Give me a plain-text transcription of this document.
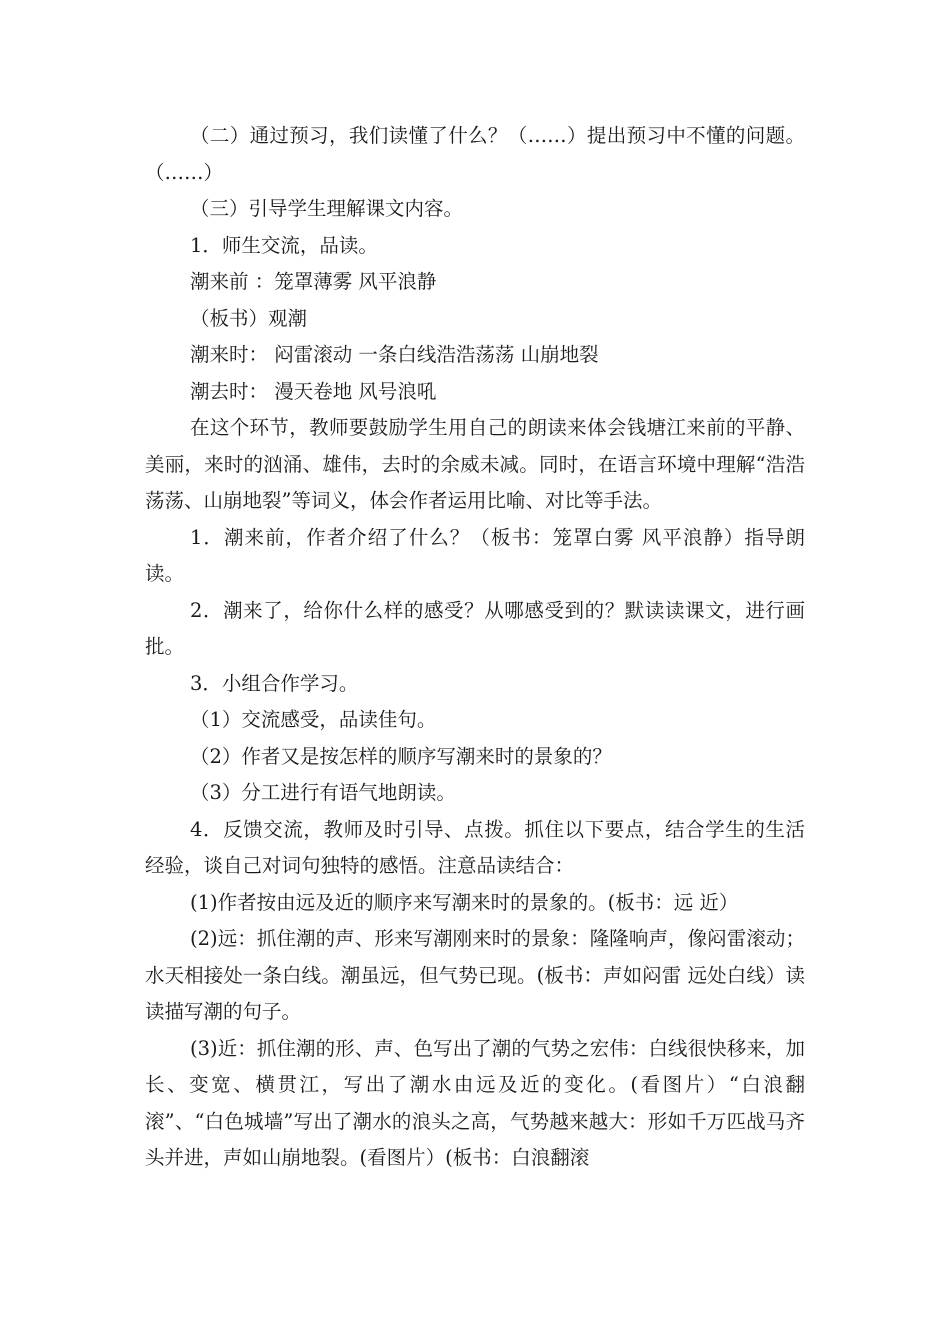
（二）通过预习，我们读懂了什么？（……）提出预习中不懂的问题。（……）

（三）引导学生理解课文内容。

1．师生交流，品读。

潮来前 ：笼罩薄雾 风平浪静

（板书）观潮

潮来时： 闷雷滚动 一条白线浩浩荡荡 山崩地裂

潮去时： 漫天卷地 风号浪吼

在这个环节，教师要鼓励学生用自己的朗读来体会钱塘江来前的平静、美丽，来时的汹涌、雄伟，去时的余威未减。同时，在语言环境中理解“浩浩荡荡、山崩地裂”等词义，体会作者运用比喻、对比等手法。

1．潮来前，作者介绍了什么？（板书：笼罩白雾 风平浪静）指导朗读。

2．潮来了，给你什么样的感受？从哪感受到的？默读读课文，进行画批。

3．小组合作学习。

（1）交流感受，品读佳句。

（2）作者又是按怎样的顺序写潮来时的景象的？

（3）分工进行有语气地朗读。

4．反馈交流，教师及时引导、点拨。抓住以下要点，结合学生的生活经验，谈自己对词句独特的感悟。注意品读结合：

(1)作者按由远及近的顺序来写潮来时的景象的。(板书：远 近）

(2)远：抓住潮的声、形来写潮刚来时的景象：隆隆响声，像闷雷滚动；水天相接处一条白线。潮虽远，但气势已现。(板书：声如闷雷 远处白线）读读描写潮的句子。

(3)近：抓住潮的形、声、色写出了潮的气势之宏伟：白线很快移来，加长、变宽、横贯江，写出了潮水由远及近的变化。(看图片）“白浪翻滚”、“白色城墙”写出了潮水的浪头之高，气势越来越大：形如千万匹战马齐头并进，声如山崩地裂。(看图片）(板书：白浪翻滚
